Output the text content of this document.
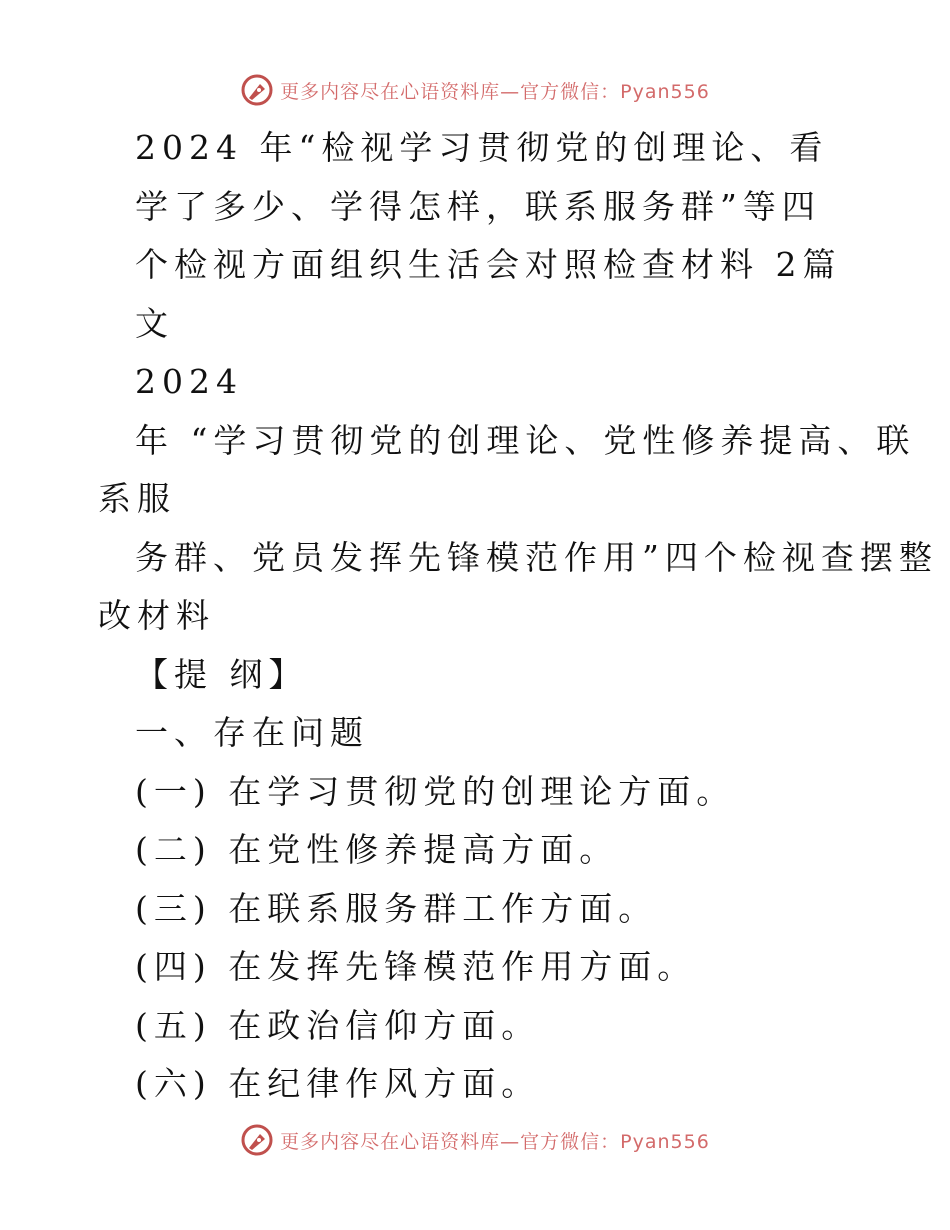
更多内容尽在心语资料库—官方微信：Pyan556
2024 年“检视学习贯彻党的创理论、看
学了多少、学得怎样，联系服务群”等四
个检视方面组织生活会对照检查材料 2篇
文
2024
年 “学习贯彻党的创理论、党性修养提高、联
系服
务群、党员发挥先锋模范作用”四个检视查摆整
改材料
【提 纲】
一、存在问题
(一) 在学习贯彻党的创理论方面。
(二) 在党性修养提高方面。
(三) 在联系服务群工作方面。
(四) 在发挥先锋模范作用方面。
(五) 在政治信仰方面。
(六) 在纪律作风方面。
更多内容尽在心语资料库—官方微信：Pyan556
